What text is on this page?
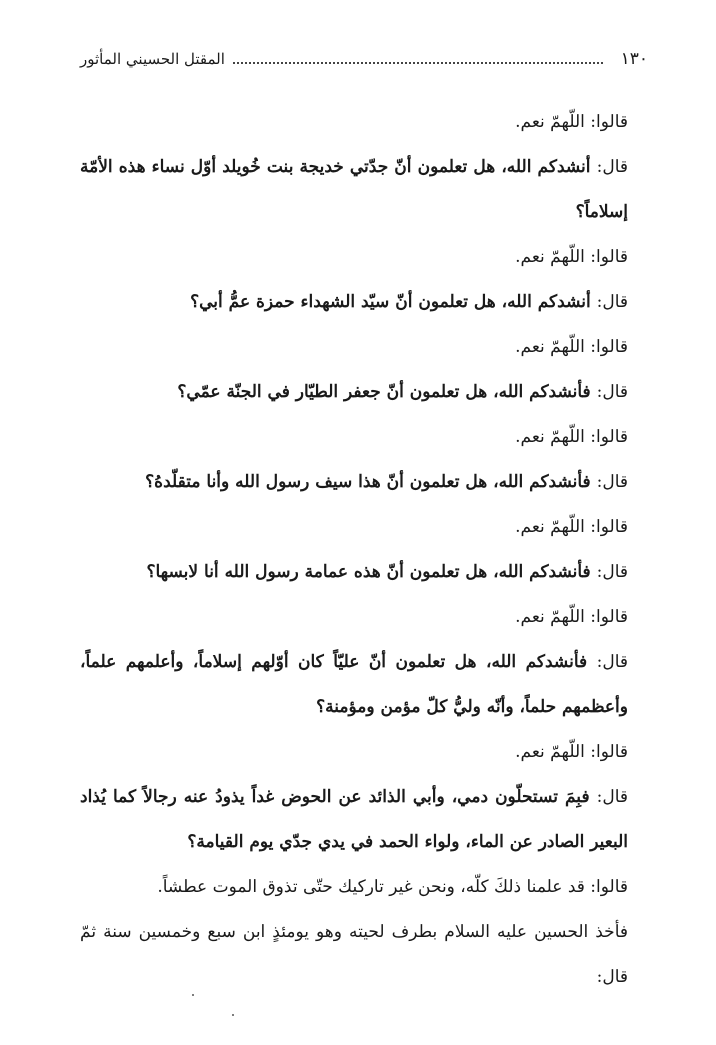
١٣٠
المقتل الحسيني المأثور

قالوا: اللّهمّ نعم.

قال: أنشدكم الله، هل تعلمون أنّ جدّتي خديجة بنت خُويلد أوّل نساء هذه الأمّة إسلاماً؟

قالوا: اللّهمّ نعم.

قال: أنشدكم الله، هل تعلمون أنّ سيّد الشهداء حمزة عمُّ أبي؟

قالوا: اللّهمّ نعم.

قال: فأنشدكم الله، هل تعلمون أنّ جعفر الطيّار في الجنّة عمّي؟

قالوا: اللّهمّ نعم.

قال: فأنشدكم الله، هل تعلمون أنّ هذا سيف رسول الله وأنا متقلّدهُ؟

قالوا: اللّهمّ نعم.

قال: فأنشدكم الله، هل تعلمون أنّ هذه عمامة رسول الله أنا لابسها؟

قالوا: اللّهمّ نعم.

قال: فأنشدكم الله، هل تعلمون أنّ عليّاً كان أوّلهم إسلاماً، وأعلمهم علماً، وأعظمهم حلماً، وأنّه وليُّ كلّ مؤمن ومؤمنة؟

قالوا: اللّهمّ نعم.

قال: فبِمَ تستحلّون دمي، وأبي الذائد عن الحوض غداً يذودُ عنه رجالاً كما يُذاد البعير الصادر عن الماء، ولواء الحمد في يدي جدّي يوم القيامة؟

قالوا: قد علمنا ذلكَ كلّه، ونحن غير تاركيك حتّى تذوق الموت عطشاً.

فأخذ الحسين عليه السلام بطرف لحيته وهو يومئذٍ ابن سبع وخمسين سنة ثمّ قال:
